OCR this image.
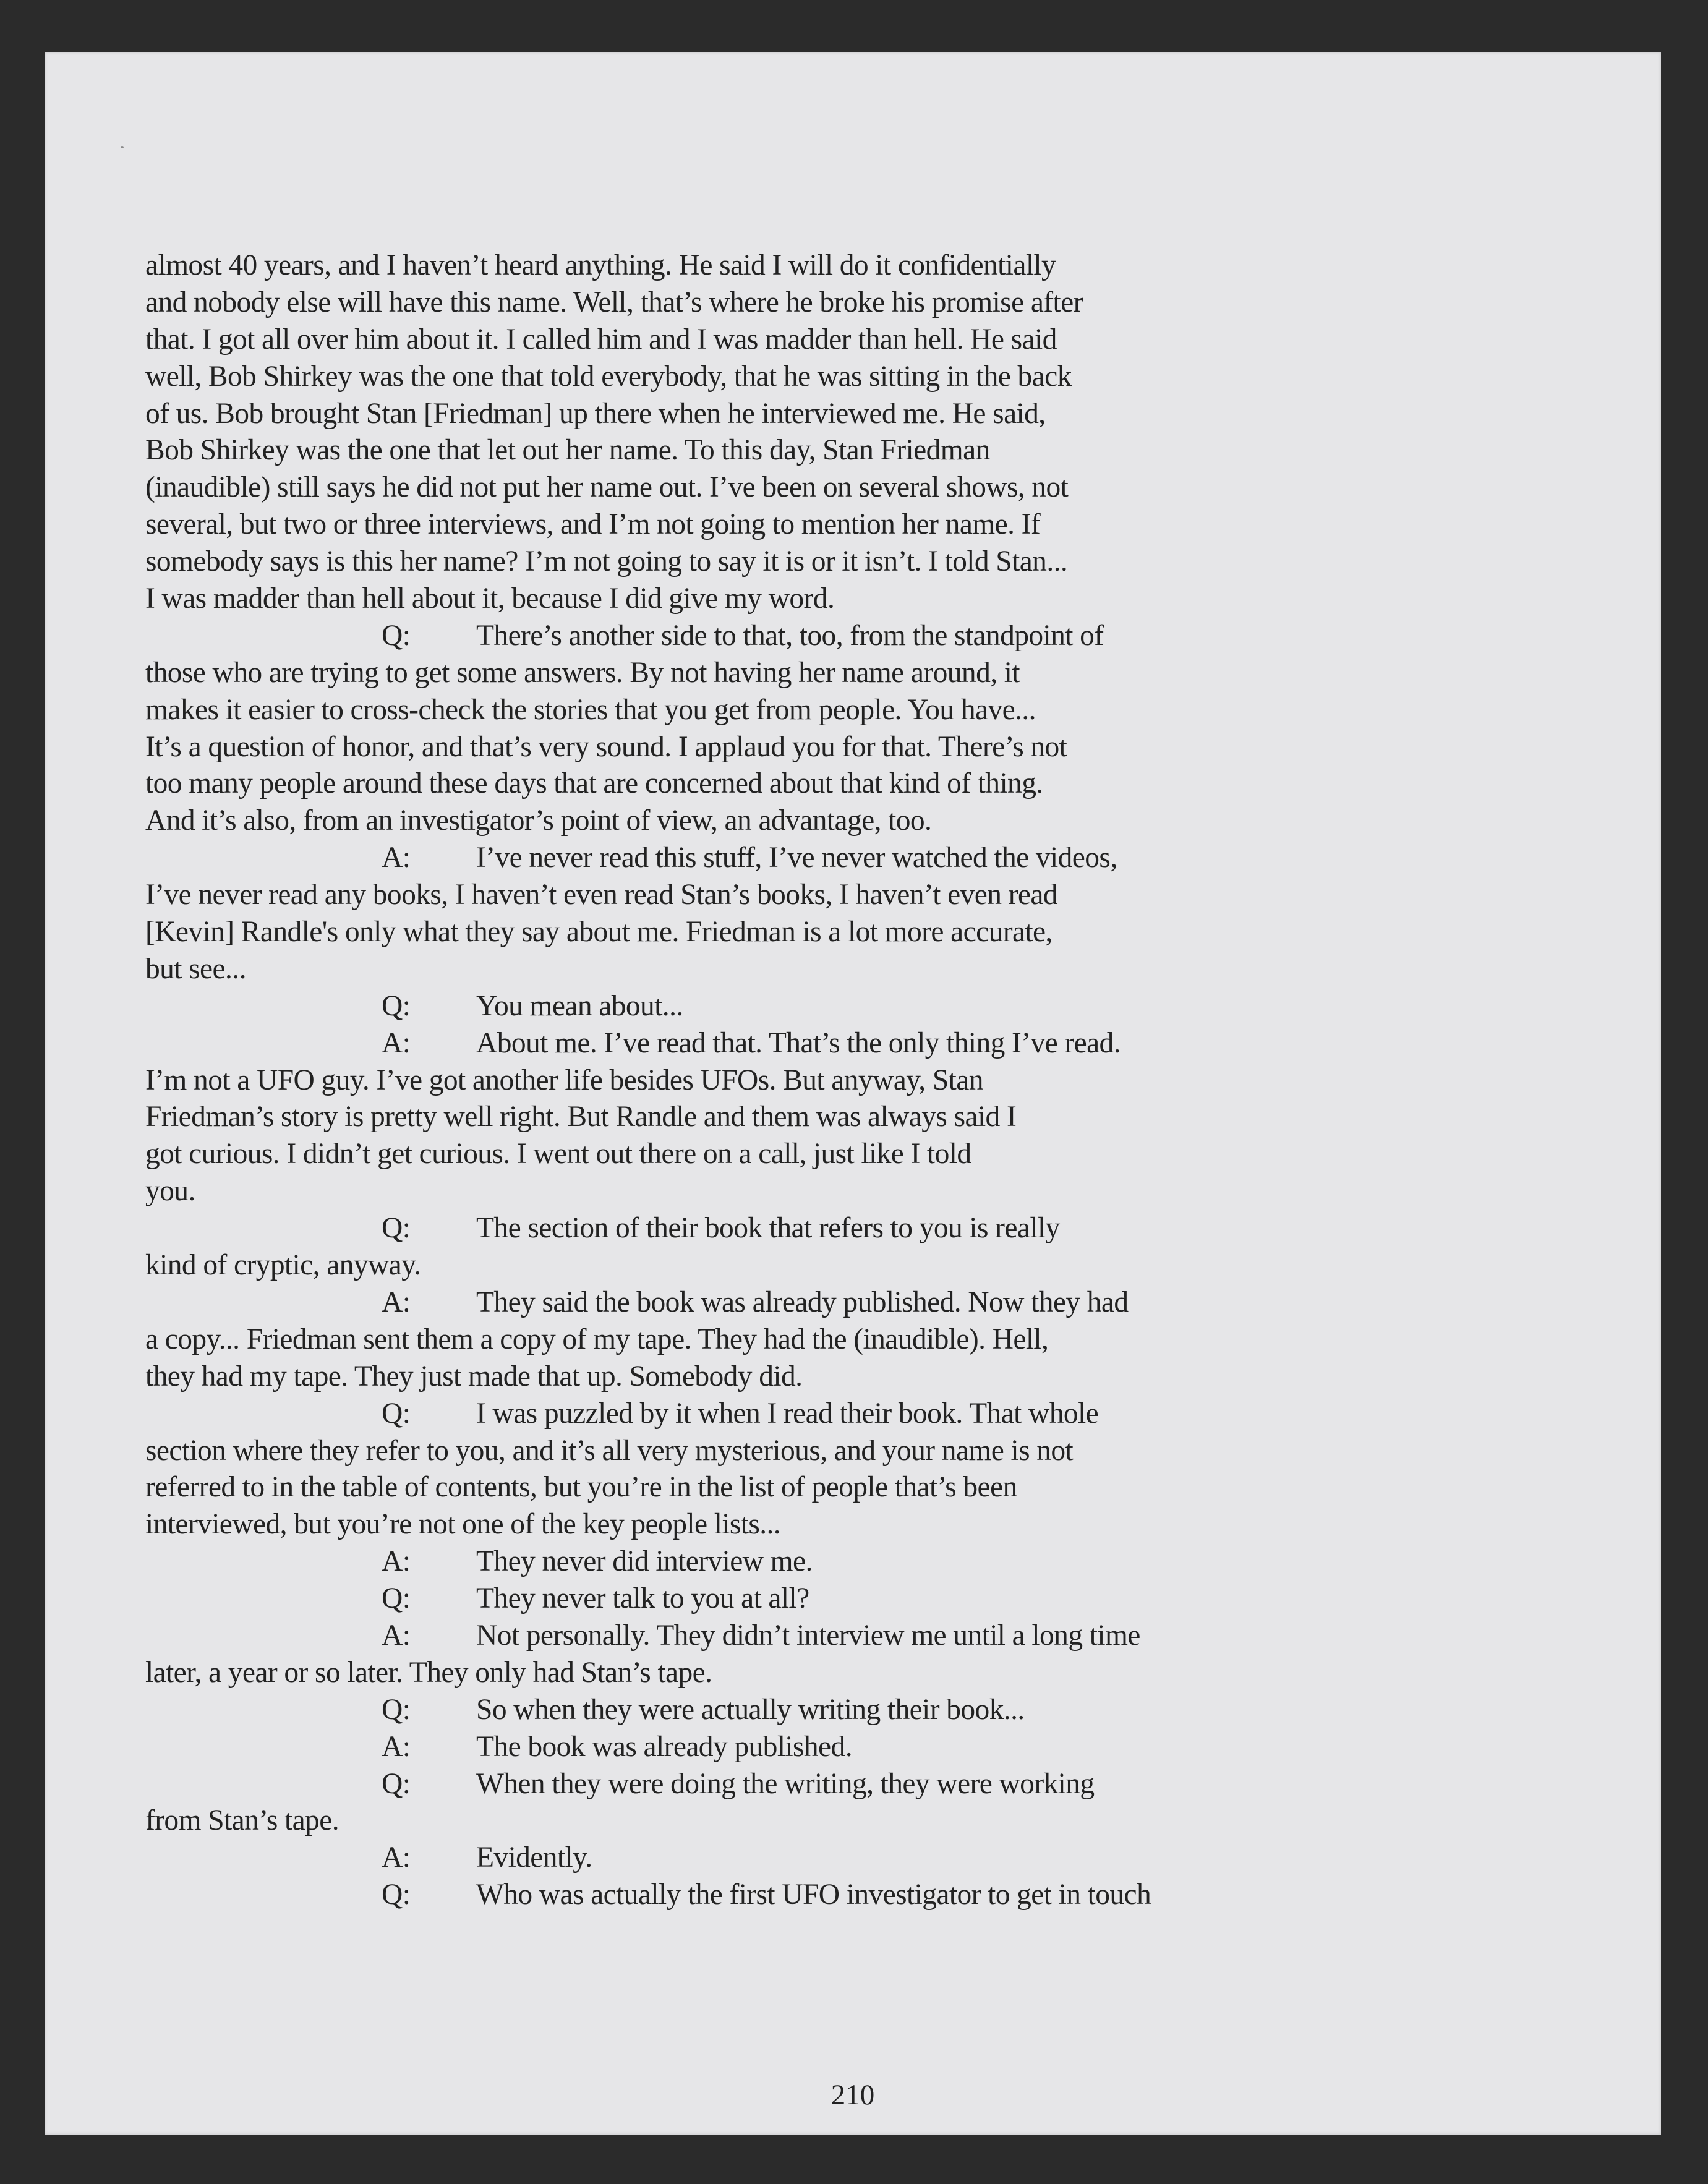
almost 40 years, and I haven’t heard anything. He said I will do it confidentially
and nobody else will have this name. Well, that’s where he broke his promise after
that. I got all over him about it. I called him and I was madder than hell. He said
well, Bob Shirkey was the one that told everybody, that he was sitting in the back
of us. Bob brought Stan [Friedman] up there when he interviewed me. He said,
Bob Shirkey was the one that let out her name. To this day, Stan Friedman
(inaudible) still says he did not put her name out. I’ve been on several shows, not
several, but two or three interviews, and I’m not going to mention her name. If
somebody says is this her name? I’m not going to say it is or it isn’t. I told Stan...
I was madder than hell about it, because I did give my word.
Q: There’s another side to that, too, from the standpoint of
those who are trying to get some answers. By not having her name around, it
makes it easier to cross-check the stories that you get from people. You have...
It’s a question of honor, and that’s very sound. I applaud you for that. There’s not
too many people around these days that are concerned about that kind of thing.
And it’s also, from an investigator’s point of view, an advantage, too.
A: I’ve never read this stuff, I’ve never watched the videos,
I’ve never read any books, I haven’t even read Stan’s books, I haven’t even read
[Kevin] Randle's only what they say about me. Friedman is a lot more accurate,
but see...
Q: You mean about...
A: About me. I’ve read that. That’s the only thing I’ve read.
I’m not a UFO guy. I’ve got another life besides UFOs. But anyway, Stan
Friedman’s story is pretty well right. But Randle and them was always said I
got curious. I didn’t get curious. I went out there on a call, just like I told
you.
Q: The section of their book that refers to you is really
kind of cryptic, anyway.
A: They said the book was already published. Now they had
a copy... Friedman sent them a copy of my tape. They had the (inaudible). Hell,
they had my tape. They just made that up. Somebody did.
Q: I was puzzled by it when I read their book. That whole
section where they refer to you, and it’s all very mysterious, and your name is not
referred to in the table of contents, but you’re in the list of people that’s been
interviewed, but you’re not one of the key people lists...
A: They never did interview me.
Q: They never talk to you at all?
A: Not personally. They didn’t interview me until a long time
later, a year or so later. They only had Stan’s tape.
Q: So when they were actually writing their book...
A: The book was already published.
Q: When they were doing the writing, they were working
from Stan’s tape.
A: Evidently.
Q: Who was actually the first UFO investigator to get in touch
210
